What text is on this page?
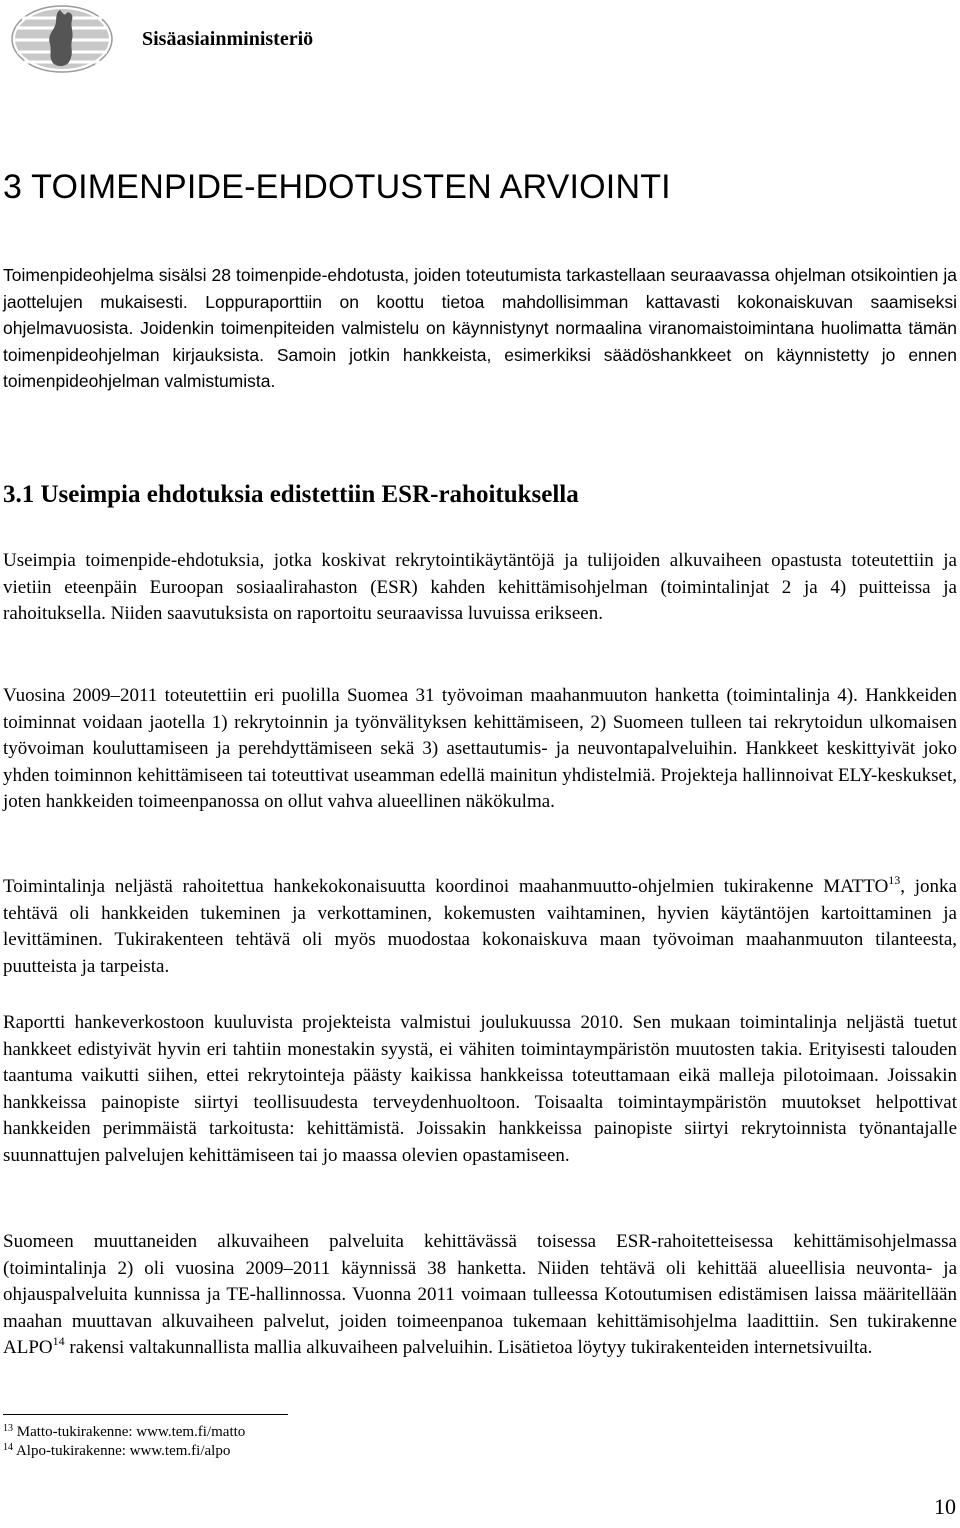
Sisäasiainministeriö
3 TOIMENPIDE-EHDOTUSTEN ARVIOINTI

Toimenpideohjelma sisälsi 28 toimenpide-ehdotusta, joiden toteutumista tarkastellaan seuraavassa ohjelman otsikointien ja jaottelujen mukaisesti. Loppuraporttiin on koottu tietoa mahdollisimman kattavasti kokonaiskuvan saamiseksi ohjelmavuosista. Joidenkin toimenpiteiden valmistelu on käynnistynyt normaalina viranomaistoimintana huolimatta tämän toimenpideohjelman kirjauksista. Samoin jotkin hankkeista, esimerkiksi säädöshankkeet on käynnistetty jo ennen toimenpideohjelman valmistumista.

3.1 Useimpia ehdotuksia edistettiin ESR-rahoituksella

Useimpia toimenpide-ehdotuksia, jotka koskivat rekrytointikäytäntöjä ja tulijoiden alkuvaiheen opastusta toteutettiin ja vietiin eteenpäin Euroopan sosiaalirahaston (ESR) kahden kehittämisohjelman (toimintalinjat 2 ja 4) puitteissa ja rahoituksella. Niiden saavutuksista on raportoitu seuraavissa luvuissa erikseen.

Vuosina 2009–2011 toteutettiin eri puolilla Suomea 31 työvoiman maahanmuuton hanketta (toimintalinja 4). Hankkeiden toiminnat voidaan jaotella 1) rekrytoinnin ja työnvälityksen kehittämiseen, 2) Suomeen tulleen tai rekrytoidun ulkomaisen työvoiman kouluttamiseen ja perehdyttämiseen sekä 3) asettautumis- ja neuvontapalveluihin. Hankkeet keskittyivät joko yhden toiminnon kehittämiseen tai toteuttivat useamman edellä mainitun yhdistelmiä. Projekteja hallinnoivat ELY-keskukset, joten hankkeiden toimeenpanossa on ollut vahva alueellinen näkökulma.

Toimintalinja neljästä rahoitettua hankekokonaisuutta koordinoi maahanmuutto-ohjelmien tukirakenne MATTO$^{13}$, jonka tehtävä oli hankkeiden tukeminen ja verkottaminen, kokemusten vaihtaminen, hyvien käytäntöjen kartoittaminen ja levittäminen. Tukirakenteen tehtävä oli myös muodostaa kokonaiskuva maan työvoiman maahanmuuton tilanteesta, puutteista ja tarpeista.

Raportti hankeverkostoon kuuluvista projekteista valmistui joulukuussa 2010. Sen mukaan toimintalinja neljästä tuetut hankkeet edistyivät hyvin eri tahtiin monestakin syystä, ei vähiten toimintaympäristön muutosten takia. Erityisesti talouden taantuma vaikutti siihen, ettei rekrytointeja päästy kaikissa hankkeissa toteuttamaan eikä malleja pilotoimaan. Joissakin hankkeissa painopiste siirtyi teollisuudesta terveydenhuoltoon. Toisaalta toimintaympäristön muutokset helpottivat hankkeiden perimmäistä tarkoitusta: kehittämistä. Joissakin hankkeissa painopiste siirtyi rekrytoinnista työnantajalle suunnattujen palvelujen kehittämiseen tai jo maassa olevien opastamiseen.

Suomeen muuttaneiden alkuvaiheen palveluita kehittävässä toisessa ESR-rahoitetteisessa kehittämisohjelmassa (toimintalinja 2) oli vuosina 2009–2011 käynnissä 38 hanketta. Niiden tehtävä oli kehittää alueellisia neuvonta- ja ohjauspalveluita kunnissa ja TE-hallinnossa. Vuonna 2011 voimaan tulleessa Kotoutumisen edistämisen laissa määritellään maahan muuttavan alkuvaiheen palvelut, joiden toimeenpanoa tukemaan kehittämisohjelma laadittiin. Sen tukirakenne ALPO$^{14}$ rakensi valtakunnallista mallia alkuvaiheen palveluihin. Lisätietoa löytyy tukirakenteiden internetsivuilta.

$^{13}$ Matto-tukirakenne: www.tem.fi/matto

$^{14}$ Alpo-tukirakenne: www.tem.fi/alpo

10
